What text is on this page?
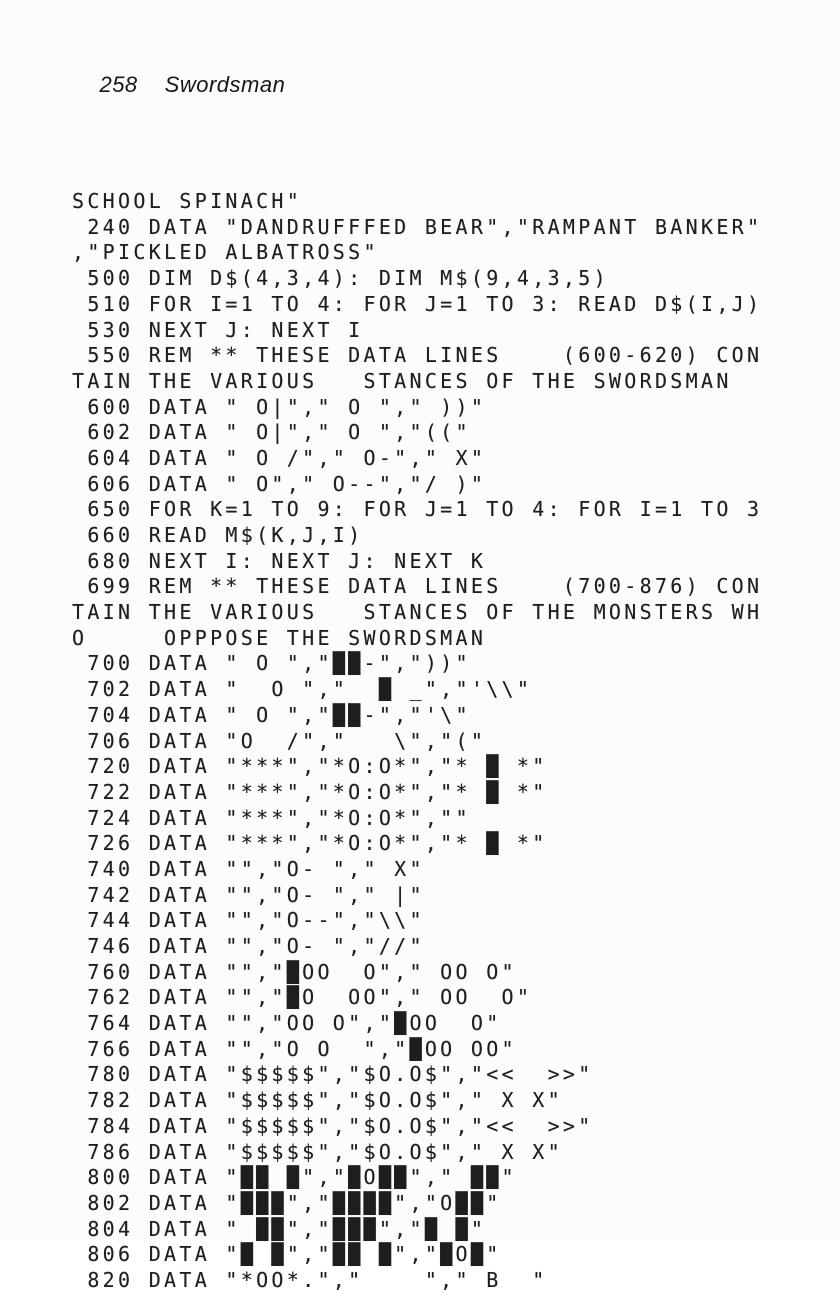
258 Swordsman

SCHOOL SPINACH"
240 DATA "DANDRUFFFED BEAR","RAMPANT BANKER"
,"PICKLED ALBATROSS"
500 DIM D$(4,3,4): DIM M$(9,4,3,5)
510 FOR I=1 TO 4: FOR J=1 TO 3: READ D$(I,J)
530 NEXT J: NEXT I
550 REM ** THESE DATA LINES    (600-620) CON
TAIN THE VARIOUS   STANCES OF THE SWORDSMAN
600 DATA " O|"," O "," ))"
602 DATA " O|"," O ","(("
604 DATA " O /"," O-"," X"
606 DATA " O"," O--","/ )"
650 FOR K=1 TO 9: FOR J=1 TO 4: FOR I=1 TO 3
660 READ M$(K,J,I)
680 NEXT I: NEXT J: NEXT K
699 REM ** THESE DATA LINES    (700-876) CON
TAIN THE VARIOUS   STANCES OF THE MONSTERS WH
O     OPPPOSE THE SWORDSMAN
700 DATA " O ","██-","))"
702 DATA "  O ","  █ _","'\\"
704 DATA " O ","██-","'\"
706 DATA "O  /","   \","("
720 DATA "***","*O:O*","* █ *"
722 DATA "***","*O:O*","* █ *"
724 DATA "***","*O:O*",""
726 DATA "***","*O:O*","* █ *"
740 DATA "","O- "," X"
742 DATA "","O- "," |"
744 DATA "","O--","\\"
746 DATA "","O- ","//"
760 DATA "","█OO  O"," OO O"
762 DATA "","█O  OO"," OO  O"
764 DATA "","OO O","█OO  O"
766 DATA "","O O  ","█OO OO"
780 DATA "$$$$$","$O.O$","<<  >>"
782 DATA "$$$$$","$O.O$"," X X"
784 DATA "$$$$$","$O.O$","<<  >>"
786 DATA "$$$$$","$O.O$"," X X"
800 DATA "██ █","█O██"," ██"
802 DATA "███","████","O██"
804 DATA " ██","███","█ █"
806 DATA "█ █","██ █","█O█"
820 DATA "*OO*.","    "," B  "
